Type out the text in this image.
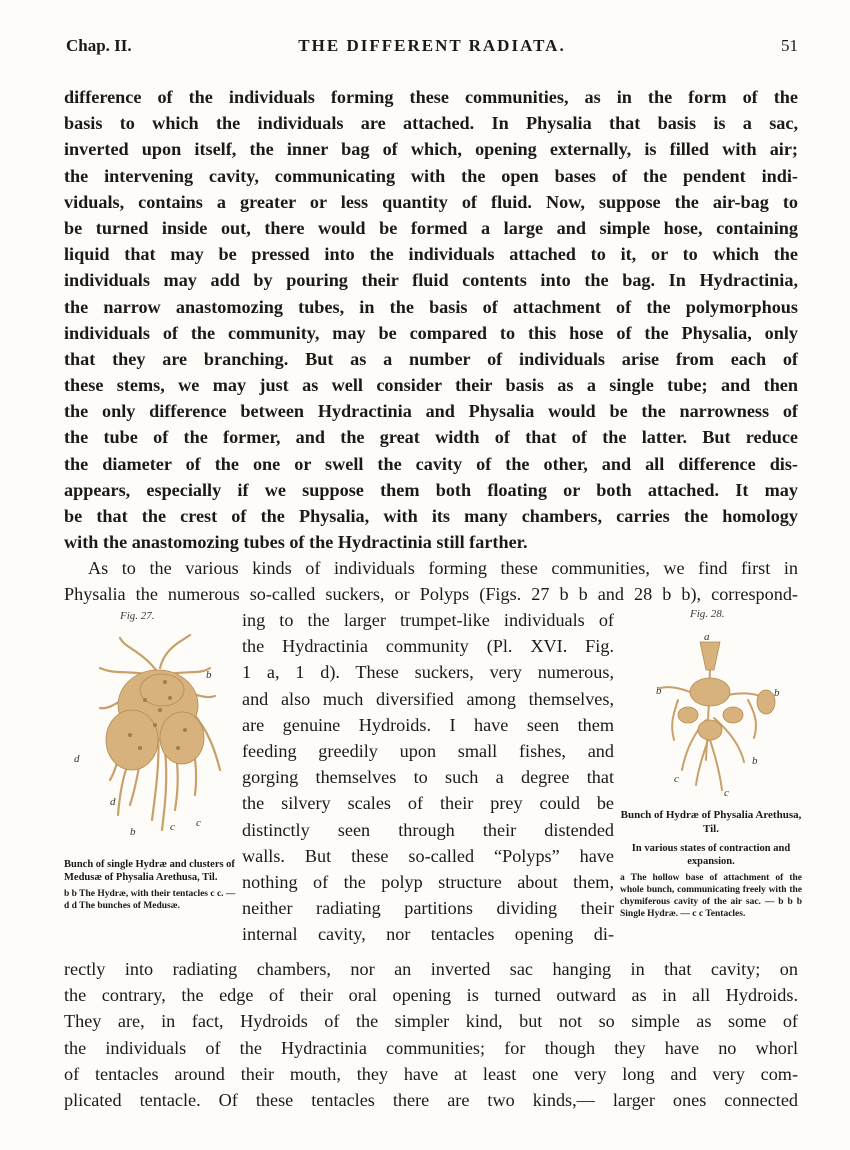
Chap. II.	THE DIFFERENT RADIATA.	51
difference of the individuals forming these communities, as in the form of the
basis to which the individuals are attached. In Physalia that basis is a sac,
inverted upon itself, the inner bag of which, opening externally, is filled with air;
the intervening cavity, communicating with the open bases of the pendent indi-
viduals, contains a greater or less quantity of fluid. Now, suppose the air-bag to
be turned inside out, there would be formed a large and simple hose, containing
liquid that may be pressed into the individuals attached to it, or to which the
individuals may add by pouring their fluid contents into the bag. In Hydractinia,
the narrow anastomozing tubes, in the basis of attachment of the polymorphous
individuals of the community, may be compared to this hose of the Physalia, only
that they are branching. But as a number of individuals arise from each of
these stems, we may just as well consider their basis as a single tube; and then
the only difference between Hydractinia and Physalia would be the narrowness of
the tube of the former, and the great width of that of the latter. But reduce
the diameter of the one or swell the cavity of the other, and all difference dis-
appears, especially if we suppose them both floating or both attached. It may
be that the crest of the Physalia, with its many chambers, carries the homology
with the anastomozing tubes of the Hydractinia still farther.
As to the various kinds of individuals forming these communities, we find first in
Physalia the numerous so-called suckers, or Polyps (Figs. 27 b b and 28 b b), correspond-
Fig. 27.
b
d
d
b	c c
Bunch of single Hydræ and clusters of Medusæ of Physalia Arethusa, Til.
b b The Hydræ, with their tentacles c c. — d d The bunches of Medusæ.
ing to the larger trumpet-like individuals of
the Hydractinia community (Pl. XVI. Fig.
1 a, 1 d). These suckers, very numerous,
and also much diversified among themselves,
are genuine Hydroids. I have seen them
feeding greedily upon small fishes, and
gorging themselves to such a degree that
the silvery scales of their prey could be
distinctly seen through their distended
walls. But these so-called “Polyps” have
nothing of the polyp structure about them,
neither radiating partitions dividing their
internal cavity, nor tentacles opening di-
Fig. 28.
a
b	b
b
c
c
Bunch of Hydræ of Physalia Arethusa, Til.
In various states of contraction and expansion.
a The hollow base of attachment of the whole bunch, communicating freely with the chymiferous cavity of the air sac. — b b b Single Hydræ. — c c Tentacles.
rectly into radiating chambers, nor an inverted sac hanging in that cavity; on
the contrary, the edge of their oral opening is turned outward as in all Hydroids.
They are, in fact, Hydroids of the simpler kind, but not so simple as some of
the individuals of the Hydractinia communities; for though they have no whorl
of tentacles around their mouth, they have at least one very long and very com-
plicated tentacle. Of these tentacles there are two kinds,— larger ones connected
